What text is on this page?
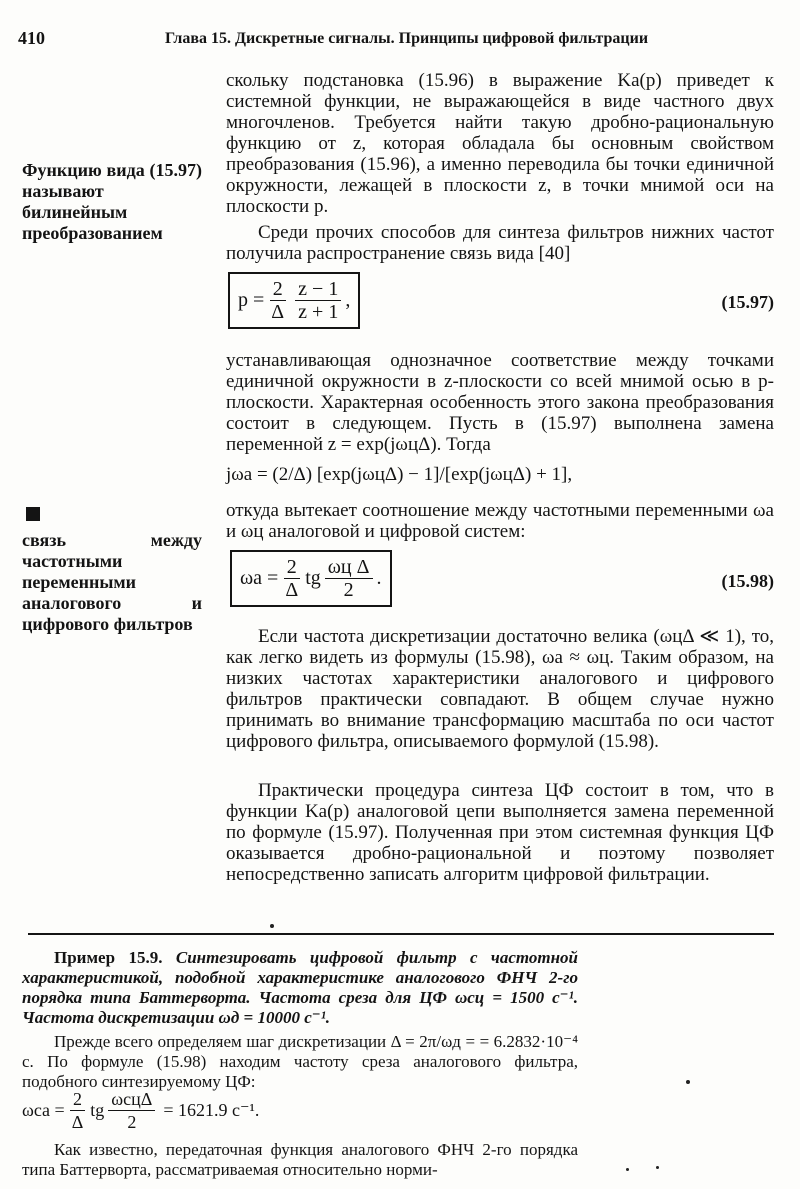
410	Глава 15. Дискретные сигналы. Принципы цифровой фильтрации

скольку подстановка (15.96) в выражение Ka(p) приведет к системной функции, не выражающейся в виде частного двух многочленов. Требуется найти такую дробно-рациональную функцию от z, которая обладала бы основным свойством преобразования (15.96), а именно переводила бы точки единичной окружности, лежащей в плоскости z, в точки мнимой оси на плоскости p.

Среди прочих способов для синтеза фильтров нижних частот получила распространение связь вида [40]

Функцию вида (15.97) называют билинейным преобразованием
$p = \frac{2}{\Delta} \frac{z - 1}{z + 1}$ ,	(15.97)

устанавливающая однозначное соответствие между точками единичной окружности в z-плоскости со всей мнимой осью в p-плоскости. Характерная особенность этого закона преобразования состоит в следующем. Пусть в (15.97) выполнена замена переменной z = exp(jωцΔ). Тогда

jωa = (2/Δ) [exp(jωцΔ) − 1]/[exp(jωцΔ) + 1],
связь между частотными переменными аналогового и цифрового фильтров

откуда вытекает соотношение между частотными переменными ωa и ωц аналоговой и цифровой систем:

$\omega a = \frac{2}{\Delta}$ tg $\frac{\text{ωц Δ}}{2}$ .	(15.98)

Если частота дискретизации достаточно велика (ωцΔ ≪ 1), то, как легко видеть из формулы (15.98), ωa ≈ ωц. Таким образом, на низких частотах характеристики аналогового и цифрового фильтров практически совпадают. В общем случае нужно принимать во внимание трансформацию масштаба по оси частот цифрового фильтра, описываемого формулой (15.98).

Практически процедура синтеза ЦФ состоит в том, что в функции Ka(p) аналоговой цепи выполняется замена переменной по формуле (15.97). Полученная при этом системная функция ЦФ оказывается дробно-рациональной и поэтому позволяет непосредственно записать алгоритм цифровой фильтрации.

Пример 15.9. Синтезировать цифровой фильтр с частотной характеристикой, подобной характеристике аналогового ФНЧ 2-го порядка типа Баттерворта. Частота среза для ЦФ ωсц = 1500 с⁻¹. Частота дискретизации ωд = 10000 с⁻¹.

Прежде всего определяем шаг дискретизации Δ = 2π/ωд = = 6.2832·10⁻⁴ с. По формуле (15.98) находим частоту среза аналогового фильтра, подобного синтезируемому ЦФ:

$\omega са = \frac{2}{\Delta}$ tg $\frac{\text{ωсцΔ}}{2} = 1621.9$ с⁻¹.

Как известно, передаточная функция аналогового ФНЧ 2-го порядка типа Баттерворта, рассматриваемая относительно норми-
